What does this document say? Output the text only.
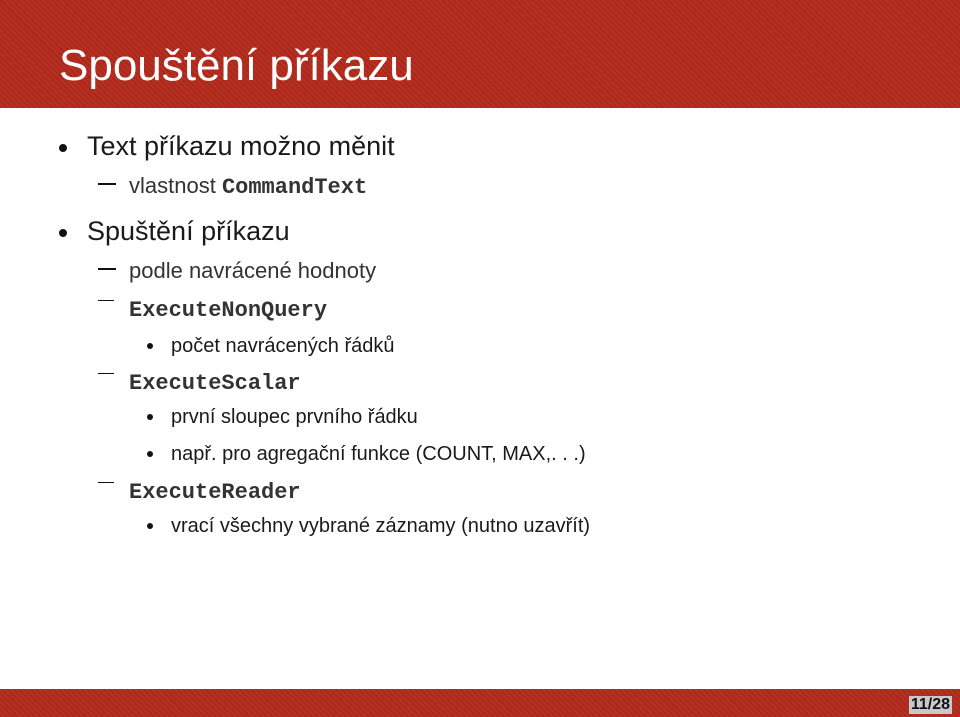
Spouštění příkazu
Text příkazu možno měnit
vlastnost CommandText
Spuštění příkazu
podle navrácené hodnoty
ExecuteNonQuery
počet navrácených řádků
ExecuteScalar
první sloupec prvního řádku
např. pro agregační funkce (COUNT, MAX,. . .)
ExecuteReader
vrací všechny vybrané záznamy (nutno uzavřít)
11/28
